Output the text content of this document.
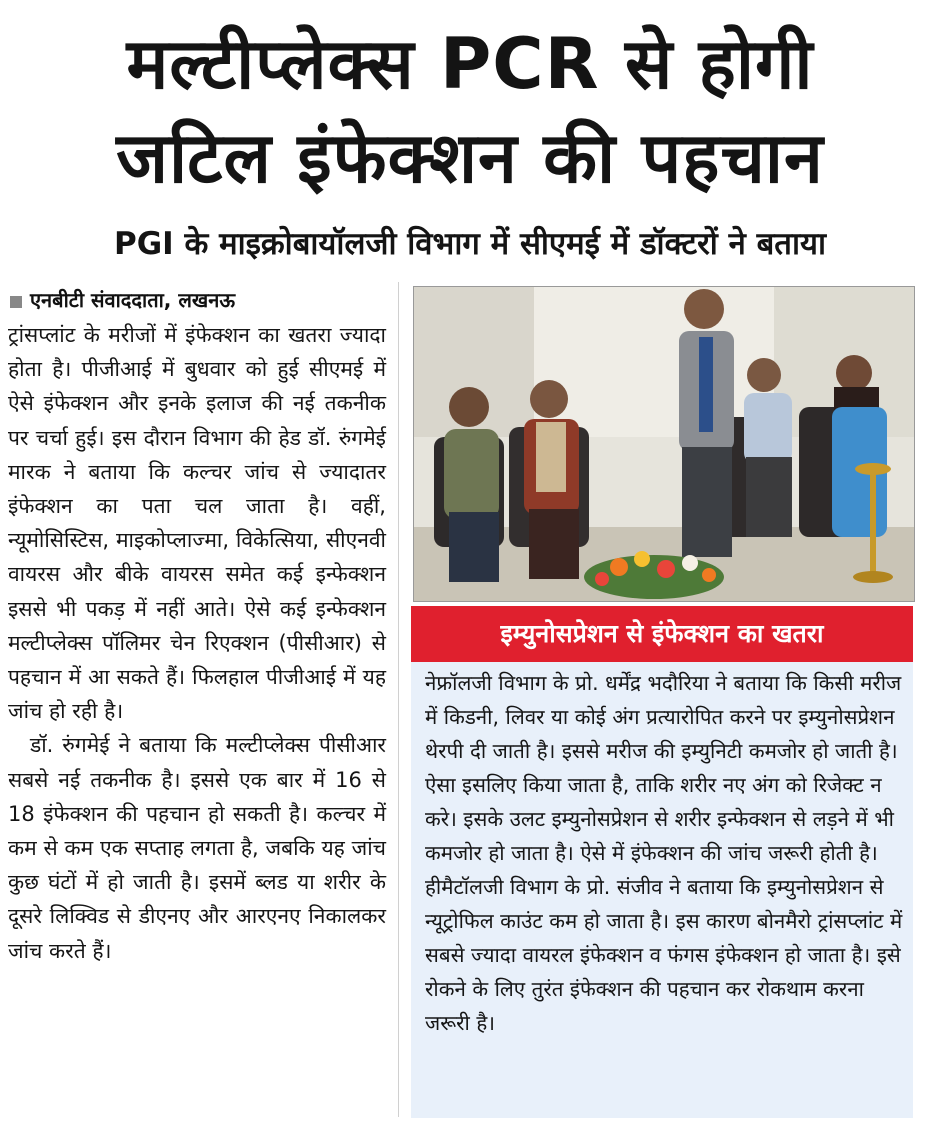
मल्टीप्लेक्स PCR से होगी
जटिल इंफेक्शन की पहचान
PGI के माइक्रोबायॉलजी विभाग में सीएमई में डॉक्टरों ने बताया
एनबीटी संवाददाता, लखनऊ

ट्रांसप्लांट के मरीजों में इंफेक्शन का खतरा ज्यादा होता है। पीजीआई में बुधवार को हुई सीएमई में ऐसे इंफेक्शन और इनके इलाज की नई तकनीक पर चर्चा हुई। इस दौरान विभाग की हेड डॉ. रुंगमेई मारक ने बताया कि कल्चर जांच से ज्यादातर इंफेक्शन का पता चल जाता है। वहीं, न्यूमोसिस्टिस, माइकोप्लाज्मा, विकेत्सिया, सीएनवी वायरस और बीके वायरस समेत कई इन्फेक्शन इससे भी पकड़ में नहीं आते। ऐसे कई इन्फेक्शन मल्टीप्लेक्स पॉलिमर चेन रिएक्शन (पीसीआर) से पहचान में आ सकते हैं। फिलहाल पीजीआई में यह जांच हो रही है।

डॉ. रुंगमेई ने बताया कि मल्टीप्लेक्स पीसीआर सबसे नई तकनीक है। इससे एक बार में 16 से 18 इंफेक्शन की पहचान हो सकती है। कल्चर में कम से कम एक सप्ताह लगता है, जबकि यह जांच कुछ घंटों में हो जाती है। इसमें ब्लड या शरीर के दूसरे लिक्विड से डीएनए और आरएनए निकालकर जांच करते हैं।

इम्युनोसप्रेशन से इंफेक्शन का खतरा
नेफ्रॉलजी विभाग के प्रो. धर्मेंद्र भदौरिया ने बताया कि किसी मरीज में किडनी, लिवर या कोई अंग प्रत्यारोपित करने पर इम्युनोसप्रेशन थेरपी दी जाती है। इससे मरीज की इम्युनिटी कमजोर हो जाती है। ऐसा इसलिए किया जाता है, ताकि शरीर नए अंग को रिजेक्ट न करे। इसके उलट इम्युनोसप्रेशन से शरीर इन्फेक्शन से लड़ने में भी कमजोर हो जाता है। ऐसे में इंफेक्शन की जांच जरूरी होती है। हीमैटॉलजी विभाग के प्रो. संजीव ने बताया कि इम्युनोसप्रेशन से न्यूट्रोफिल काउंट कम हो जाता है। इस कारण बोनमैरो ट्रांसप्लांट में सबसे ज्यादा वायरल इंफेक्शन व फंगस इंफेक्शन हो जाता है। इसे रोकने के लिए तुरंत इंफेक्शन की पहचान कर रोकथाम करना जरूरी है।
